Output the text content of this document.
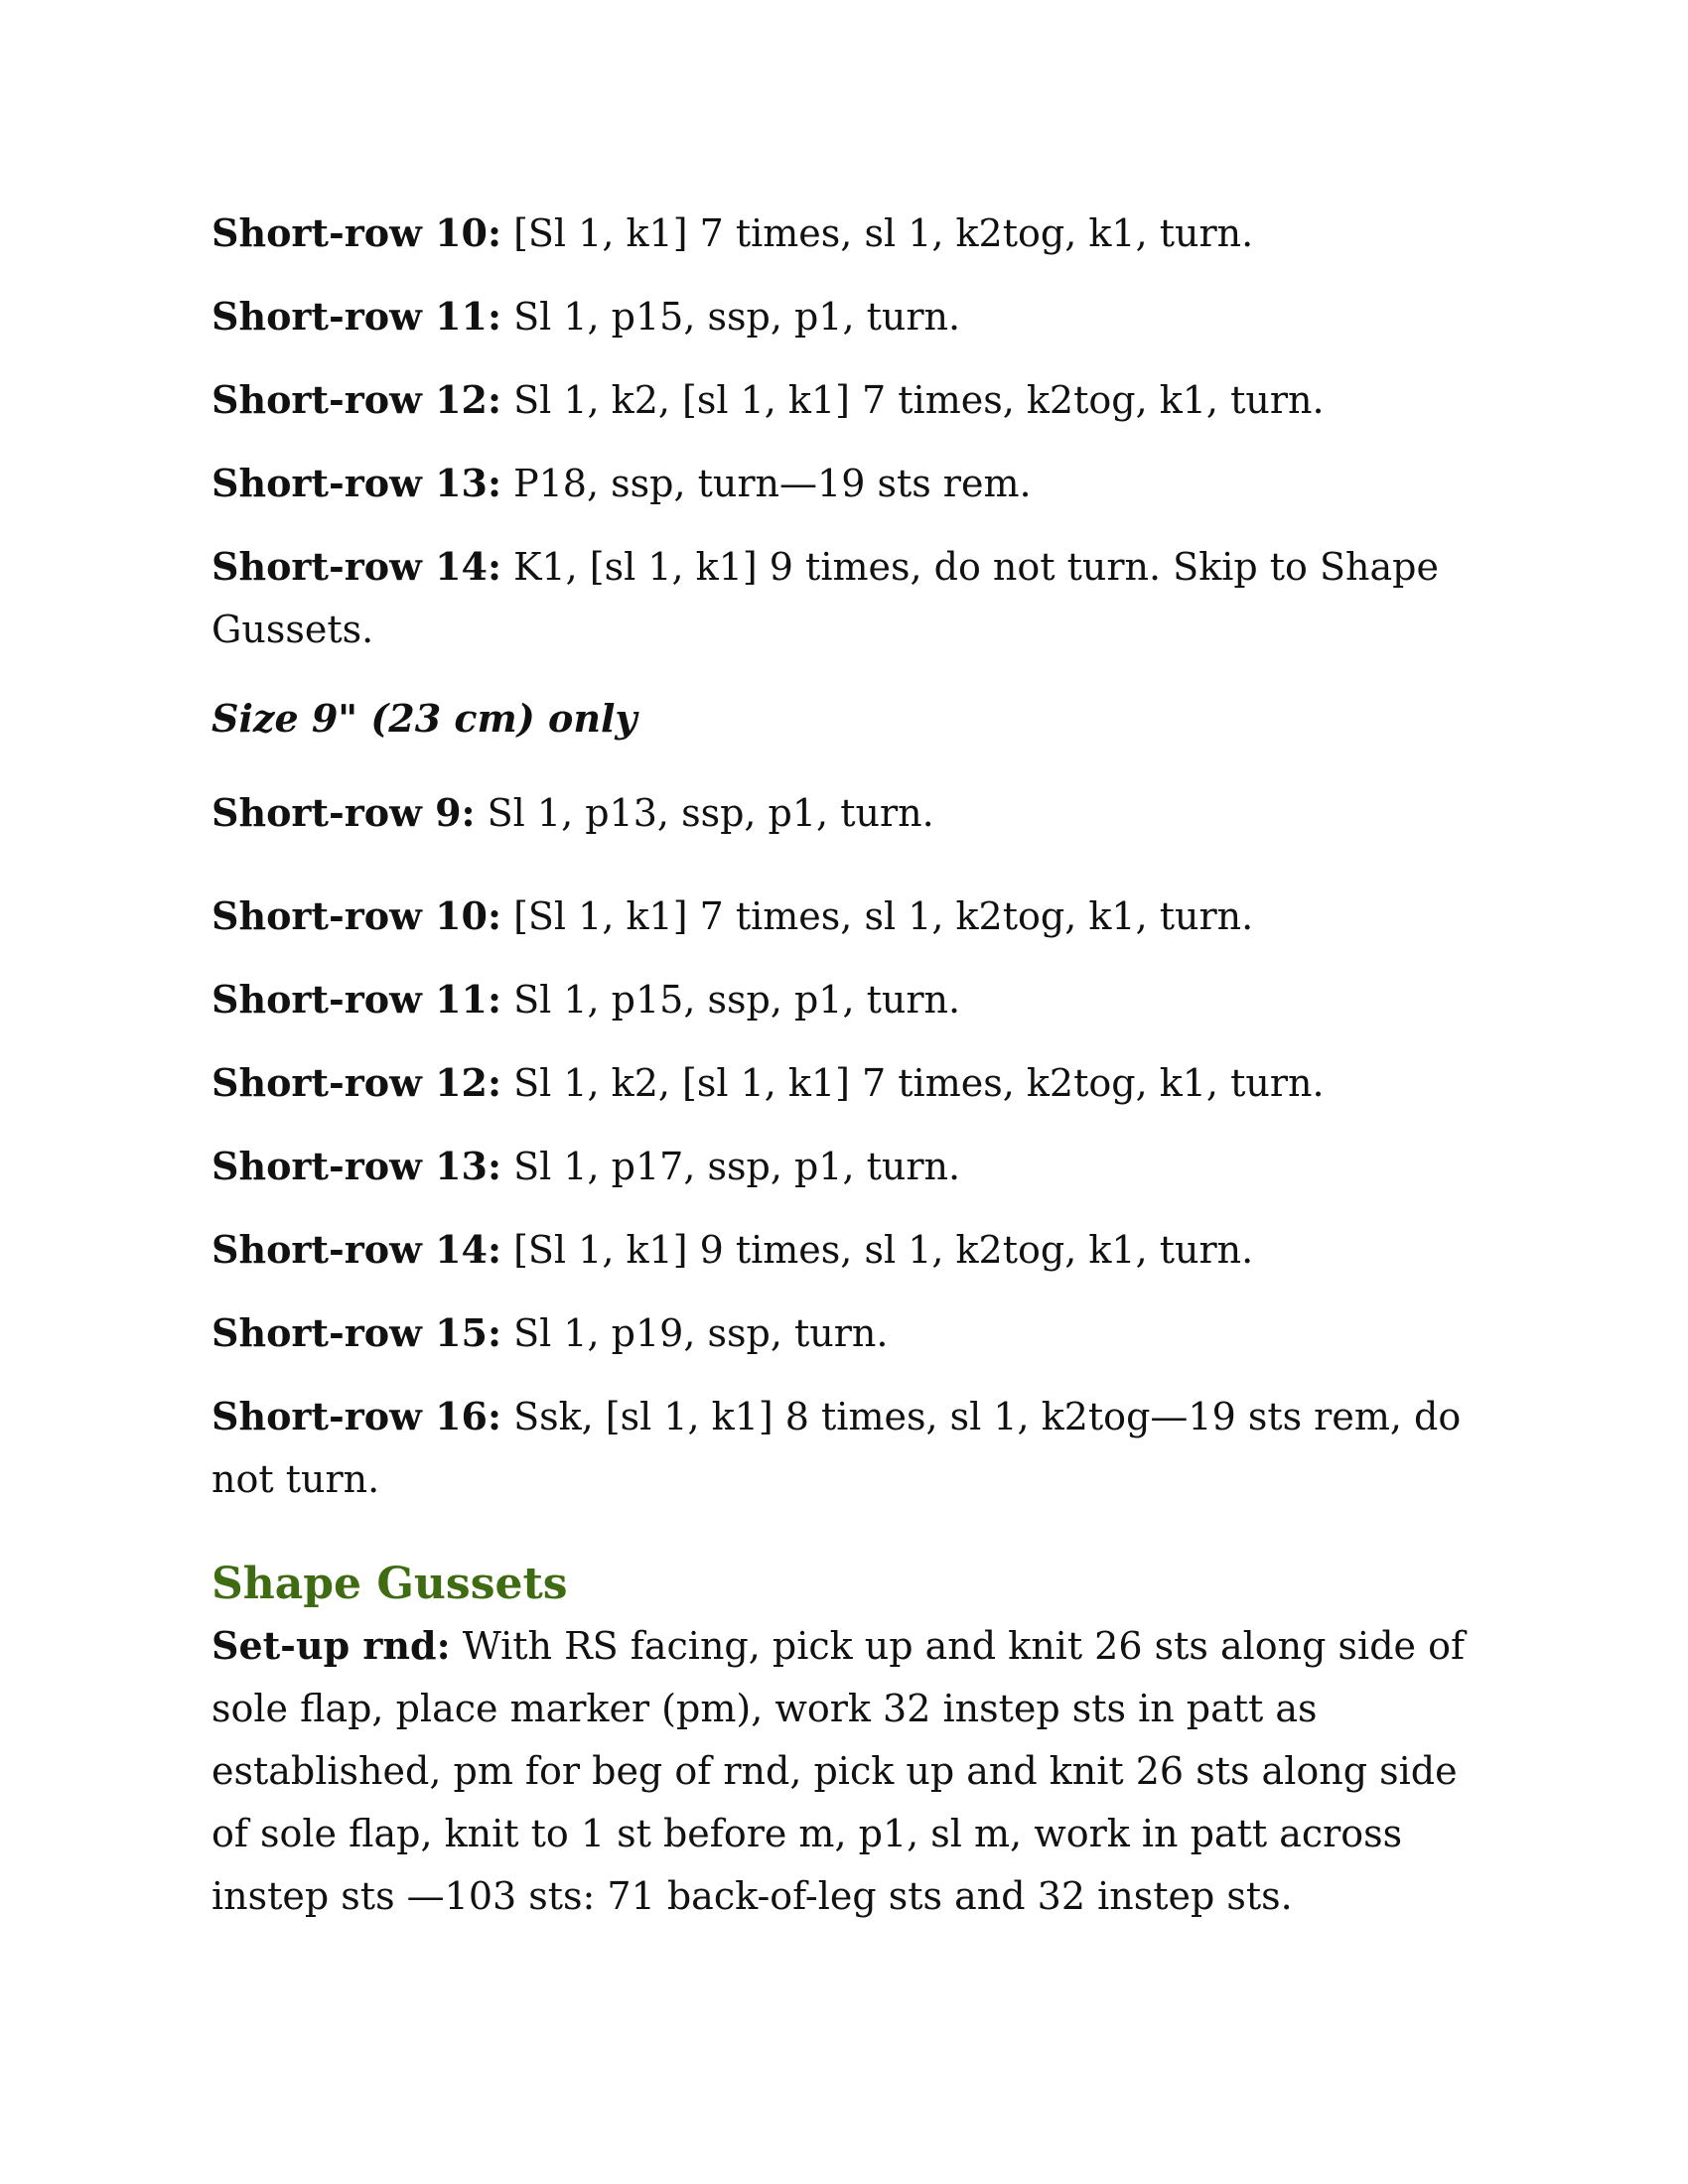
Short-row 10: [Sl 1, k1] 7 times, sl 1, k2tog, k1, turn.

Short-row 11: Sl 1, p15, ssp, p1, turn.

Short-row 12: Sl 1, k2, [sl 1, k1] 7 times, k2tog, k1, turn.

Short-row 13: P18, ssp, turn—19 sts rem.

Short-row 14: K1, [sl 1, k1] 9 times, do not turn. Skip to Shape Gussets.

Size 9" (23 cm) only

Short-row 9: Sl 1, p13, ssp, p1, turn.

Short-row 10: [Sl 1, k1] 7 times, sl 1, k2tog, k1, turn.

Short-row 11: Sl 1, p15, ssp, p1, turn.

Short-row 12: Sl 1, k2, [sl 1, k1] 7 times, k2tog, k1, turn.

Short-row 13: Sl 1, p17, ssp, p1, turn.

Short-row 14: [Sl 1, k1] 9 times, sl 1, k2tog, k1, turn.

Short-row 15: Sl 1, p19, ssp, turn.

Short-row 16: Ssk, [sl 1, k1] 8 times, sl 1, k2tog—19 sts rem, do not turn.

Shape Gussets

Set-up rnd: With RS facing, pick up and knit 26 sts along side of sole flap, place marker (pm), work 32 instep sts in patt as established, pm for beg of rnd, pick up and knit 26 sts along side of sole flap, knit to 1 st before m, p1, sl m, work in patt across instep sts —103 sts: 71 back-of-leg sts and 32 instep sts.
